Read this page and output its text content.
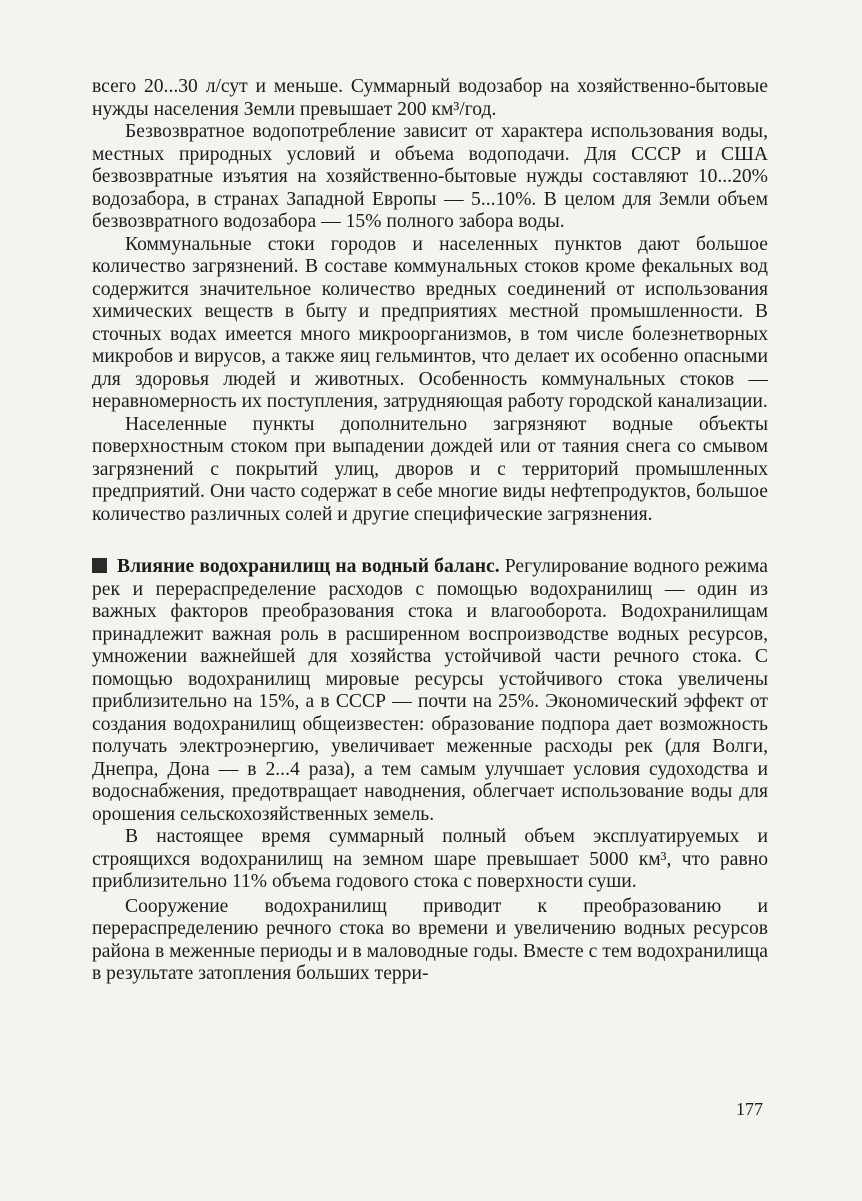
всего 20...30 л/сут и меньше. Суммарный водозабор на хозяйственно-бытовые нужды населения Земли превышает 200 км³/год.

Безвозвратное водопотребление зависит от характера использования воды, местных природных условий и объема водоподачи. Для СССР и США безвозвратные изъятия на хозяйственно-бытовые нужды составляют 10...20% водозабора, в странах Западной Европы — 5...10%. В целом для Земли объем безвозвратного водозабора — 15% полного забора воды.

Коммунальные стоки городов и населенных пунктов дают большое количество загрязнений. В составе коммунальных стоков кроме фекальных вод содержится значительное количество вредных соединений от использования химических веществ в быту и предприятиях местной промышленности. В сточных водах имеется много микроорганизмов, в том числе болезнетворных микробов и вирусов, а также яиц гельминтов, что делает их особенно опасными для здоровья людей и животных. Особенность коммунальных стоков — неравномерность их поступления, затрудняющая работу городской канализации.

Населенные пункты дополнительно загрязняют водные объекты поверхностным стоком при выпадении дождей или от таяния снега со смывом загрязнений с покрытий улиц, дворов и с территорий промышленных предприятий. Они часто содержат в себе многие виды нефтепродуктов, большое количество различных солей и другие специфические загрязнения.

Влияние водохранилищ на водный баланс. Регулирование водного режима рек и перераспределение расходов с помощью водохранилищ — один из важных факторов преобразования стока и влагооборота. Водохранилищам принадлежит важная роль в расширенном воспроизводстве водных ресурсов, умножении важнейшей для хозяйства устойчивой части речного стока. С помощью водохранилищ мировые ресурсы устойчивого стока увеличены приблизительно на 15%, а в СССР — почти на 25%. Экономический эффект от создания водохранилищ общеизвестен: образование подпора дает возможность получать электроэнергию, увеличивает меженные расходы рек (для Волги, Днепра, Дона — в 2...4 раза), а тем самым улучшает условия судоходства и водоснабжения, предотвращает наводнения, облегчает использование воды для орошения сельскохозяйственных земель.

В настоящее время суммарный полный объем эксплуатируемых и строящихся водохранилищ на земном шаре превышает 5000 км³, что равно приблизительно 11% объема годового стока с поверхности суши.

Сооружение водохранилищ приводит к преобразованию и перераспределению речного стока во времени и увеличению водных ресурсов района в меженные периоды и в маловодные годы. Вместе с тем водохранилища в результате затопления больших терри-

177
